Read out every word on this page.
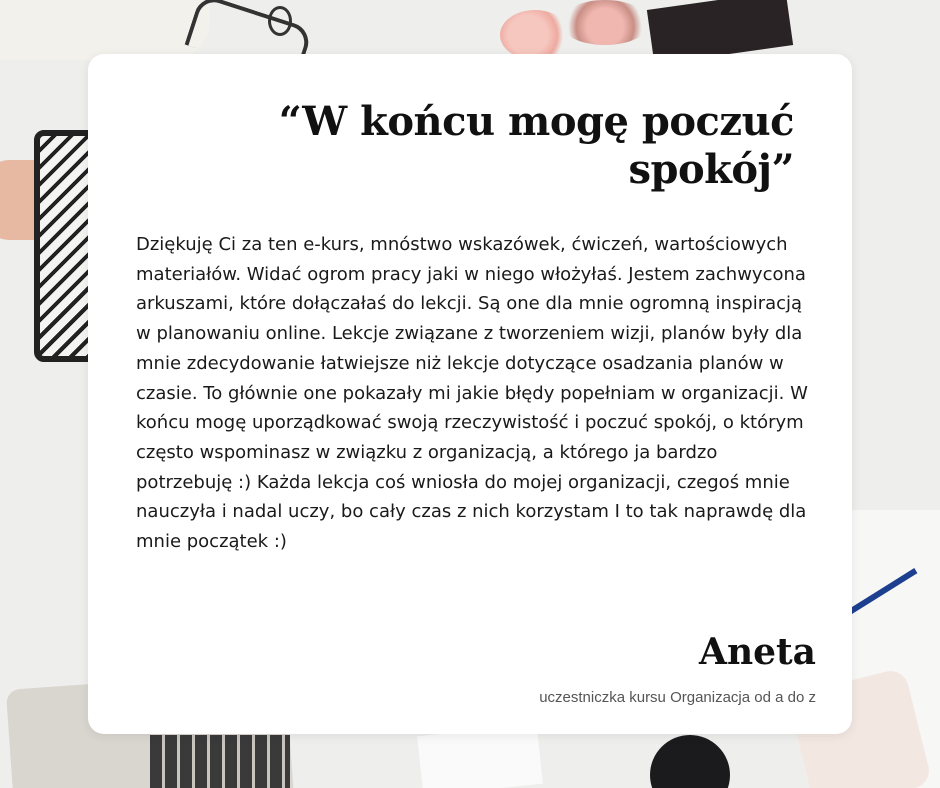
“W końcu mogę poczuć
spokój”

Dziękuję Ci za ten e-kurs, mnóstwo wskazówek, ćwiczeń, wartościowych materiałów. Widać ogrom pracy jaki w niego włożyłaś. Jestem zachwycona arkuszami, które dołączałaś do lekcji. Są one dla mnie ogromną inspiracją w planowaniu online. Lekcje związane z tworzeniem wizji, planów były dla mnie zdecydowanie łatwiejsze niż lekcje dotyczące osadzania planów w czasie. To głównie one pokazały mi jakie błędy popełniam w organizacji. W końcu mogę uporządkować swoją rzeczywistość i poczuć spokój, o którym często wspominasz w związku z organizacją, a którego ja bardzo potrzebuję :) Każda lekcja coś wniosła do mojej organizacji, czegoś mnie nauczyła i nadal uczy, bo cały czas z nich korzystam I to tak naprawdę dla mnie początek :)

Aneta
uczestniczka kursu Organizacja od a do z
